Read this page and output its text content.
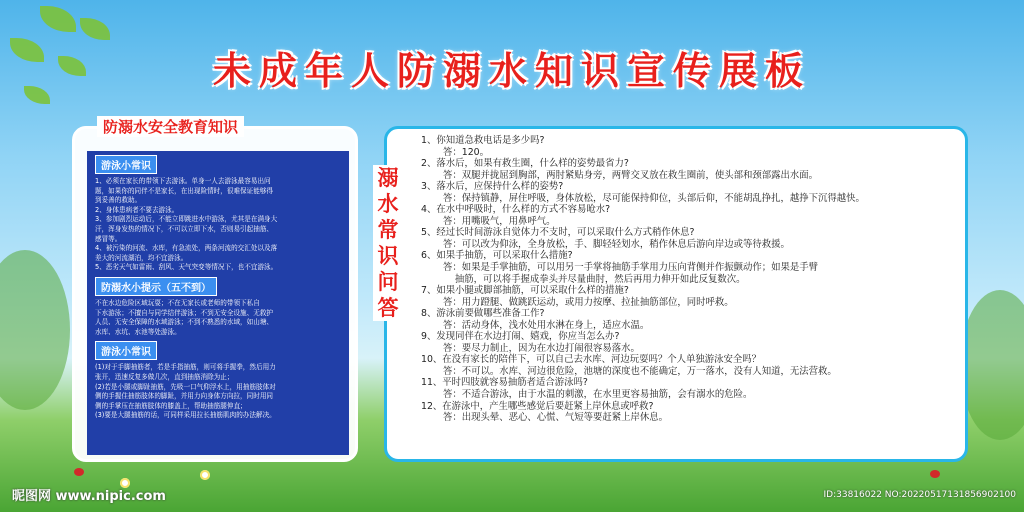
未成年人防溺水知识宣传展板
防溺水安全教育知识
游泳小常识
1、必须在家长的带领下去游泳。单身一人去游泳最容易出问
题，如果你的同伴不是家长，在出现险情时，很难保证能够得
到妥善的救助。
2、身体患病者不要去游泳。
3、参加剧烈运动后，不能立即跳进水中游泳，尤其是在满身大
汗，浑身发热的情况下，不可以立即下水，否则易引起抽筋、
感冒等。
4、被污染的河流、水库，有急流处，两条河流的交汇处以及落
差大的河流湖泊，均不宜游泳。
5、恶劣天气如雷雨、刮风、天气突变等情况下，也不宜游泳。
防溺水小提示（五不到）
不在水边危险区域玩耍；不在无家长或老师的带领下私自
下水游泳；不擅自与同学结伴游泳；不到无安全设施、无救护
人员、无安全保障的水域游泳；不到不熟悉的水域，如山塘、
水库、水坑、水池等处游泳。
游泳小常识
(1)对于手脚抽筋者，若是手指抽筋，则可将手握拳，然后用力
张开，迅速反复多做几次，直到抽筋消除为止；
(2)若是小腿或脚趾抽筋，先吸一口气仰浮水上，用抽筋肢体对
侧的手握住抽筋肢体的脚趾，并用力向身体方向拉，同时用同
侧的手掌压在抽筋肢体的膝盖上，帮助抽筋腿伸直；
(3)要是大腿抽筋的话，可同样采用拉长抽筋肌肉的办法解决。
溺水常识问答
1、你知道急救电话是多少吗?
答：120。
2、落水后，如果有救生圈，什么样的姿势最省力?
答：双腿并拢屈到胸部，两肘紧贴身旁，两臂交叉放在救生圈前，使头部和颈部露出水面。
3、落水后，应保持什么样的姿势?
答：保持镇静，屏住呼吸，身体放松，尽可能保持仰位，头部后仰，不能胡乱挣扎，越挣下沉得越快。
4、在水中呼吸时，什么样的方式不容易呛水?
答：用嘴吸气，用鼻呼气。
5、经过长时间游泳自觉体力不支时，可以采取什么方式稍作休息?
答：可以改为仰泳，全身放松，手、脚轻轻划水，稍作休息后游向岸边或等待救援。
6、如果手抽筋，可以采取什么措施?
答：如果是手掌抽筋，可以用另一手掌将抽筋手掌用力压向背侧并作振颤动作；如果是手臂
抽筋，可以将手握成拳头并尽量曲肘，然后再用力伸开如此反复数次。
7、如果小腿或脚部抽筋，可以采取什么样的措施?
答：用力蹬腿、做跳跃运动，或用力按摩、拉扯抽筋部位，同时呼救。
8、游泳前要做哪些准备工作?
答：活动身体，浅水处用水淋在身上，适应水温。
9、发现同伴在水边打闹、嬉戏，你应当怎么办?
答：要尽力制止，因为在水边打闹很容易落水。
10、在没有家长的陪伴下，可以自己去水库、河边玩耍吗？个人单独游泳安全吗？
答：不可以。水库、河边很危险，池塘的深度也不能确定，万一落水，没有人知道，无法营救。
11、平时四肢就容易抽筋者适合游泳吗?
答：不适合游泳，由于水温的刺激，在水里更容易抽筋，会有溺水的危险。
12、在游泳中，产生哪些感觉后要赶紧上岸休息或呼救?
答：出现头晕、恶心、心慌、气短等要赶紧上岸休息。
昵图网 www.nipic.com	ID:33816022 NO:20220517131856902100
